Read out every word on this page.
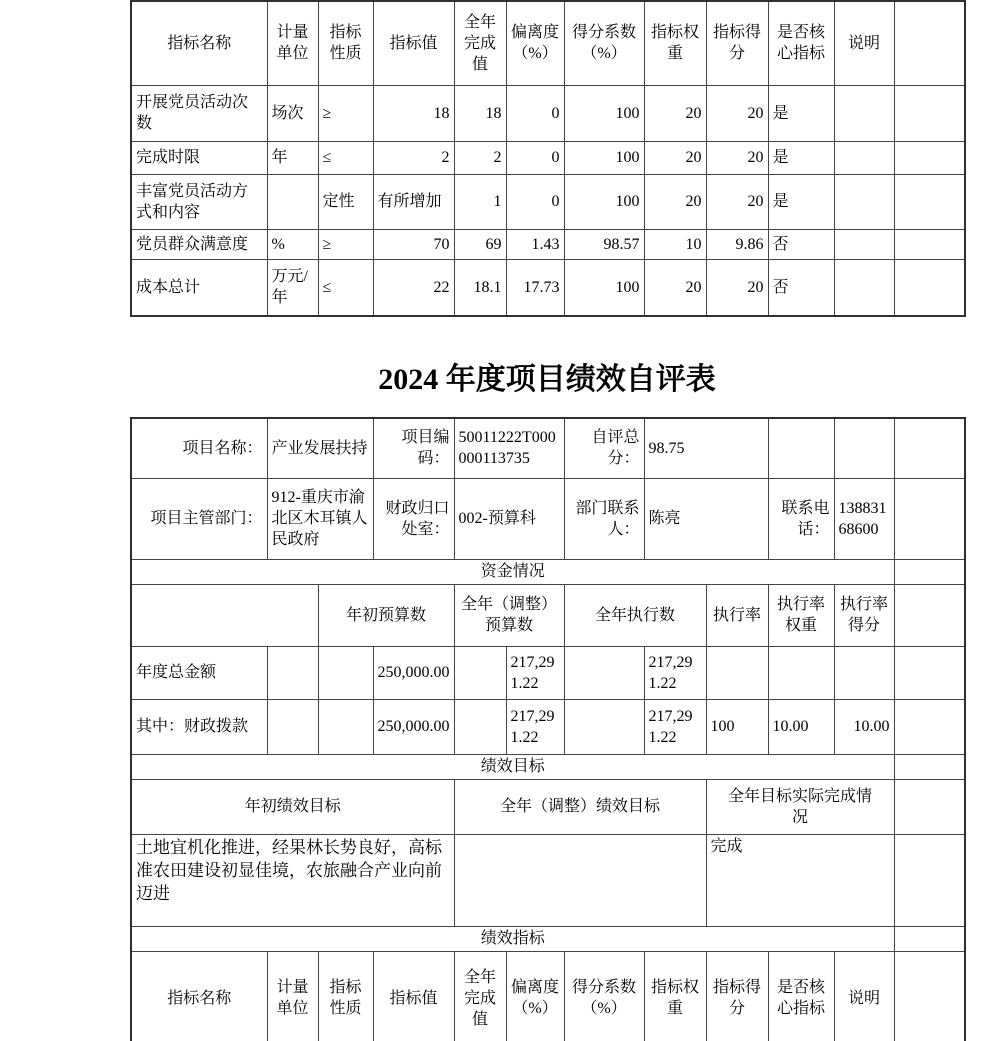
指标名称	计量单位	指标性质	指标值	全年完成值	偏离度（%）	得分系数（%）	指标权重	指标得分	是否核心指标	说明	
开展党员活动次数	场次	≥	18	18	0	100	20	20	是		
完成时限	年	≤	2	2	0	100	20	20	是		
丰富党员活动方式和内容		定性	有所增加	1	0	100	20	20	是		
党员群众满意度	%	≥	70	69	1.43	98.57	10	9.86	否		
成本总计	万元/年	≤	22	18.1	17.73	100	20	20	否		
2024 年度项目绩效自评表
项目名称：	产业发展扶持		项目编码：	50011222T000000113735		自评总分：	98.75				
项目主管部门：	912-重庆市渝北区木耳镇人民政府		财政归口处室：	002-预算科		部门联系人：	陈亮		联系电话：	13883168600	
资金情况											
		年初预算数		全年（调整）预算数		全年执行数		执行率	执行率权重	执行率得分	
年度总金额			250,000.00		217,291.22		217,291.22				
其中：财政拨款			250,000.00		217,291.22		217,291.22	100	10.00	10.00	
绩效目标											
年初绩效目标				全年（调整）绩效目标				全年目标实际完成情况			
土地宜机化推进，经果林长势良好，高标准农田建设初显佳境，农旅融合产业向前迈进								完成			
绩效指标											
指标名称	计量单位	指标性质	指标值	全年完成值	偏离度（%）	得分系数（%）	指标权重	指标得分	是否核心指标	说明	
